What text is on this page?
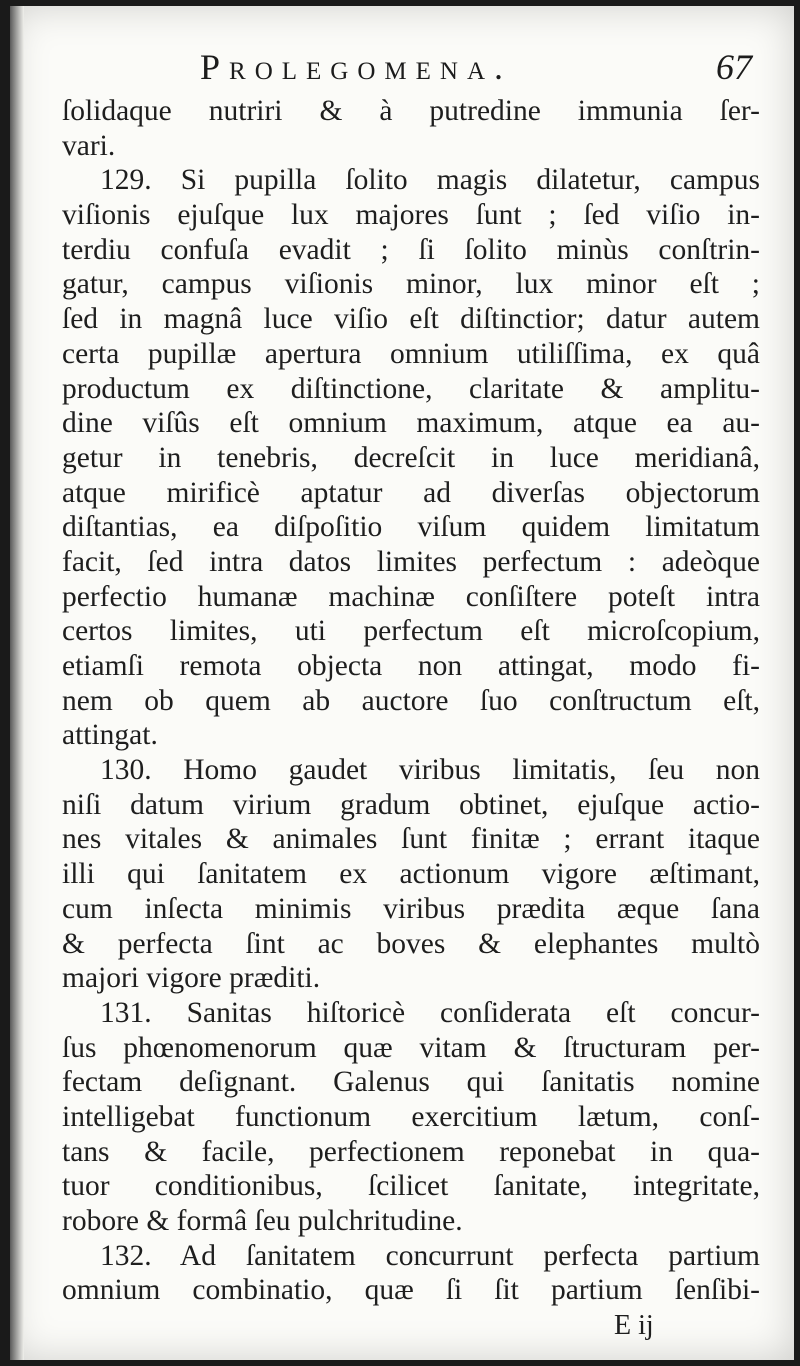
Prolegomena.	67
ſolidaque nutriri & à putredine immunia ſer-
vari.
129. Si pupilla ſolito magis dilatetur, campus
viſionis ejuſque lux majores ſunt ; ſed viſio in-
terdiu confuſa evadit ; ſi ſolito minùs conſtrin-
gatur, campus viſionis minor, lux minor eſt ;
ſed in magnâ luce viſio eſt diſtinctior; datur autem
certa pupillæ apertura omnium utiliſſima, ex quâ
productum ex diſtinctione, claritate & amplitu-
dine viſûs eſt omnium maximum, atque ea au-
getur in tenebris, decreſcit in luce meridianâ,
atque mirificè aptatur ad diverſas objectorum
diſtantias, ea diſpoſitio viſum quidem limitatum
facit, ſed intra datos limites perfectum : adeòque
perfectio humanæ machinæ conſiſtere poteſt intra
certos limites, uti perfectum eſt microſcopium,
etiamſi remota objecta non attingat, modo fi-
nem ob quem ab auctore ſuo conſtructum eſt,
attingat.
130. Homo gaudet viribus limitatis, ſeu non
niſi datum virium gradum obtinet, ejuſque actio-
nes vitales & animales ſunt finitæ ; errant itaque
illi qui ſanitatem ex actionum vigore æſtimant,
cum inſecta minimis viribus prædita æque ſana
& perfecta ſint ac boves & elephantes multò
majori vigore præditi.
131. Sanitas hiſtoricè conſiderata eſt concur-
ſus phœnomenorum quæ vitam & ſtructuram per-
fectam deſignant. Galenus qui ſanitatis nomine
intelligebat functionum exercitium lætum, conſ-
tans & facile, perfectionem reponebat in qua-
tuor conditionibus, ſcilicet ſanitate, integritate,
robore & formâ ſeu pulchritudine.
132. Ad ſanitatem concurrunt perfecta partium
omnium combinatio, quæ ſi ſit partium ſenſibi-
E ij
